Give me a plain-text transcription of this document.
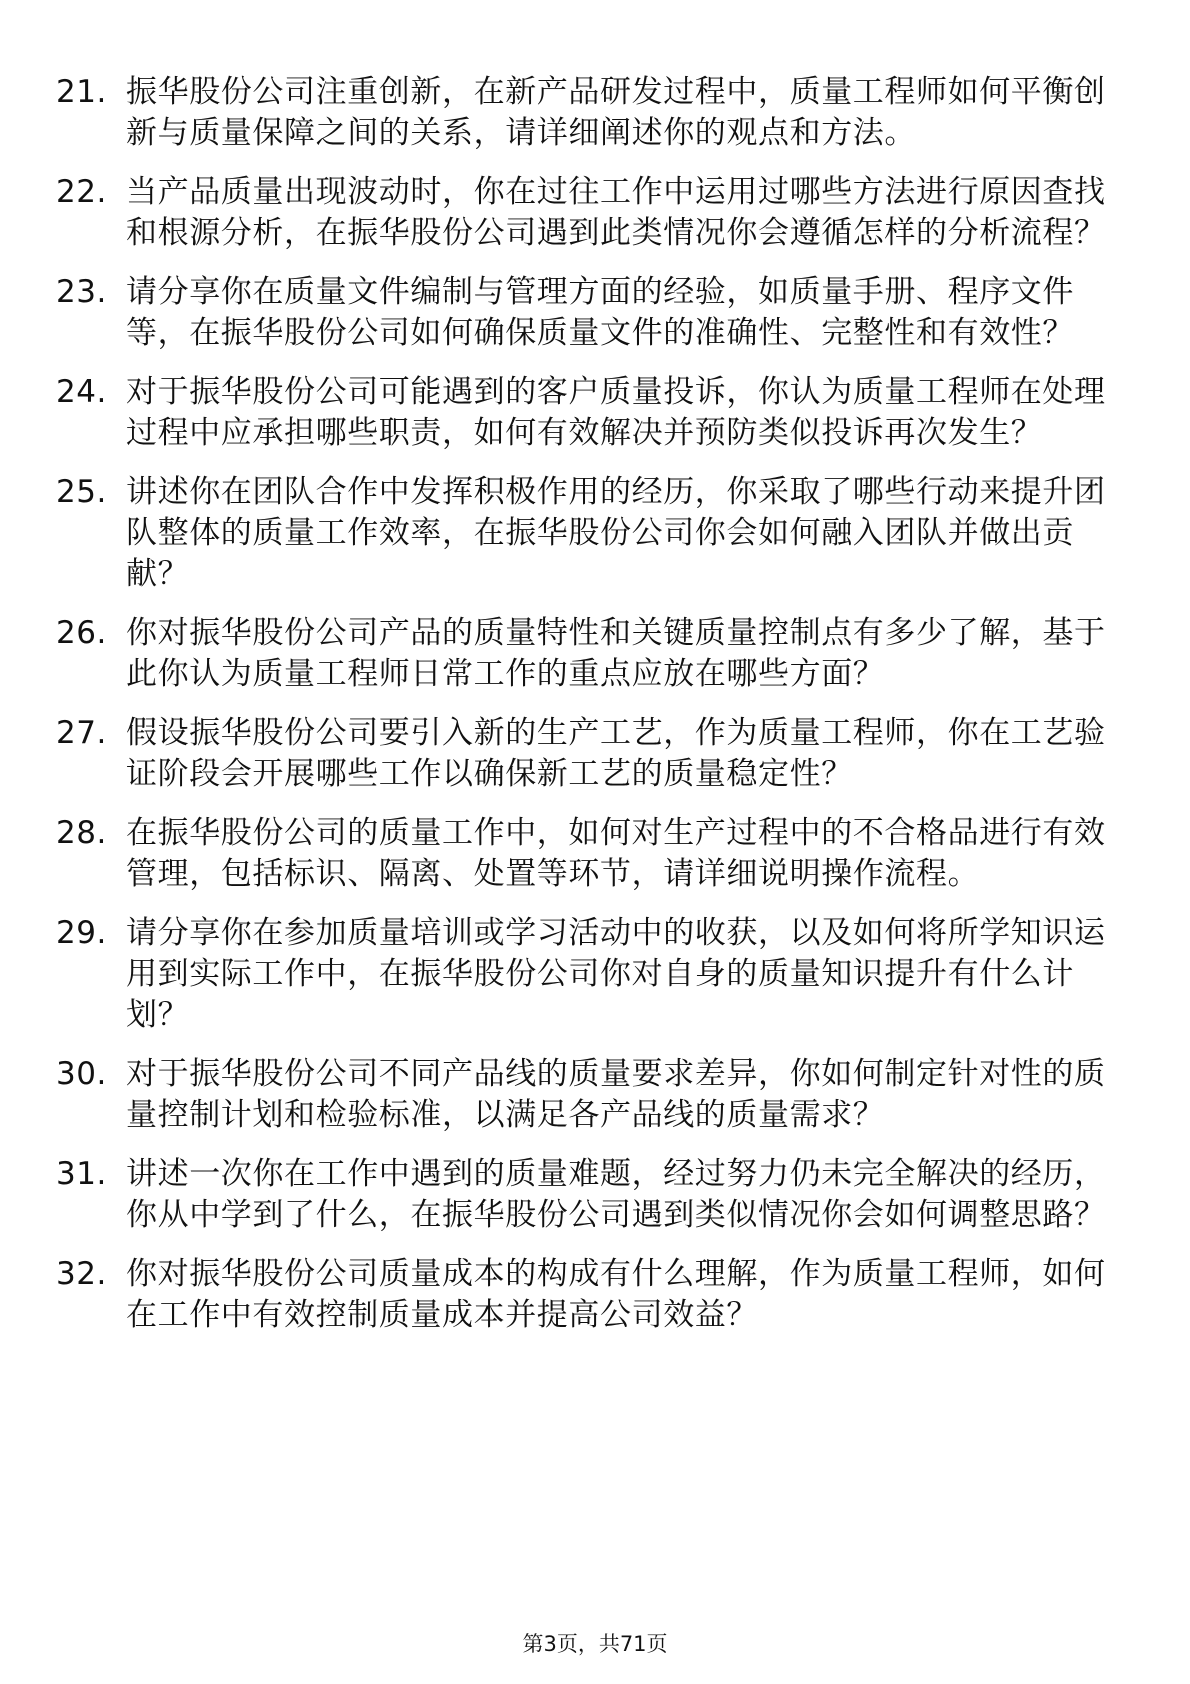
21. 振华股份公司注重创新，在新产品研发过程中，质量工程师如何平衡创新与质量保障之间的关系，请详细阐述你的观点和方法。
22. 当产品质量出现波动时，你在过往工作中运用过哪些方法进行原因查找和根源分析，在振华股份公司遇到此类情况你会遵循怎样的分析流程？
23. 请分享你在质量文件编制与管理方面的经验，如质量手册、程序文件等，在振华股份公司如何确保质量文件的准确性、完整性和有效性？
24. 对于振华股份公司可能遇到的客户质量投诉，你认为质量工程师在处理过程中应承担哪些职责，如何有效解决并预防类似投诉再次发生？
25. 讲述你在团队合作中发挥积极作用的经历，你采取了哪些行动来提升团队整体的质量工作效率，在振华股份公司你会如何融入团队并做出贡献？
26. 你对振华股份公司产品的质量特性和关键质量控制点有多少了解，基于此你认为质量工程师日常工作的重点应放在哪些方面？
27. 假设振华股份公司要引入新的生产工艺，作为质量工程师，你在工艺验证阶段会开展哪些工作以确保新工艺的质量稳定性？
28. 在振华股份公司的质量工作中，如何对生产过程中的不合格品进行有效管理，包括标识、隔离、处置等环节，请详细说明操作流程。
29. 请分享你在参加质量培训或学习活动中的收获，以及如何将所学知识运用到实际工作中，在振华股份公司你对自身的质量知识提升有什么计划？
30. 对于振华股份公司不同产品线的质量要求差异，你如何制定针对性的质量控制计划和检验标准，以满足各产品线的质量需求？
31. 讲述一次你在工作中遇到的质量难题，经过努力仍未完全解决的经历，你从中学到了什么，在振华股份公司遇到类似情况你会如何调整思路？
32. 你对振华股份公司质量成本的构成有什么理解，作为质量工程师，如何在工作中有效控制质量成本并提高公司效益？
第3页，共71页
